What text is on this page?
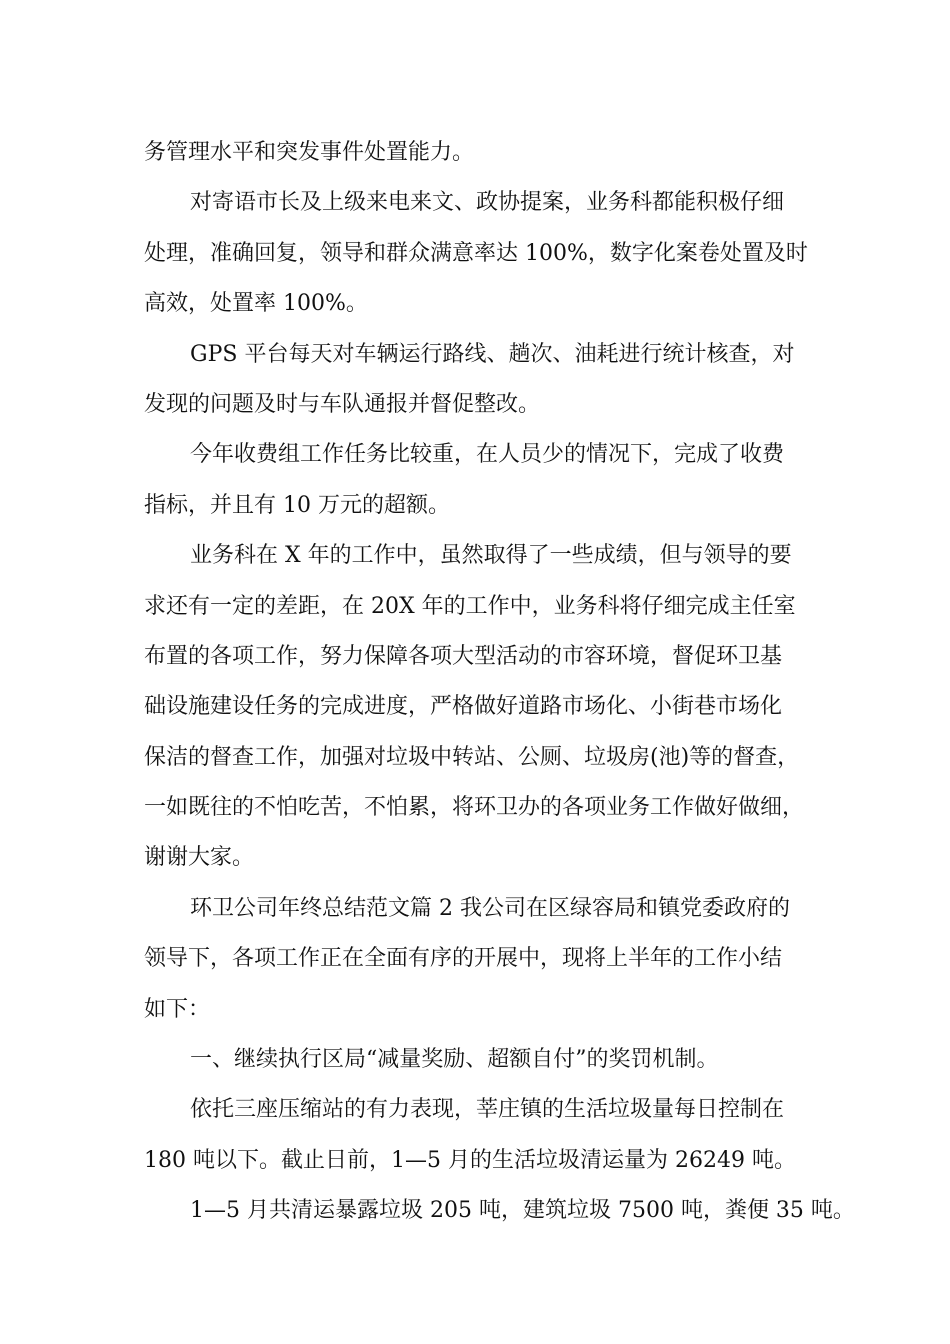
务管理水平和突发事件处置能力。
对寄语市长及上级来电来文、政协提案，业务科都能积极仔细
处理，准确回复，领导和群众满意率达 100%，数字化案卷处置及时
高效，处置率 100%。
GPS 平台每天对车辆运行路线、趟次、油耗进行统计核查，对
发现的问题及时与车队通报并督促整改。
今年收费组工作任务比较重，在人员少的情况下，完成了收费
指标，并且有 10 万元的超额。
业务科在 X 年的工作中，虽然取得了一些成绩，但与领导的要
求还有一定的差距，在 20X 年的工作中，业务科将仔细完成主任室
布置的各项工作，努力保障各项大型活动的市容环境，督促环卫基
础设施建设任务的完成进度，严格做好道路市场化、小街巷市场化
保洁的督查工作，加强对垃圾中转站、公厕、垃圾房(池)等的督查，
一如既往的不怕吃苦，不怕累，将环卫办的各项业务工作做好做细，
谢谢大家。
环卫公司年终总结范文篇 2 我公司在区绿容局和镇党委政府的
领导下，各项工作正在全面有序的开展中，现将上半年的工作小结
如下：
一、继续执行区局“减量奖励、超额自付”的奖罚机制。
依托三座压缩站的有力表现，莘庄镇的生活垃圾量每日控制在
180 吨以下。截止日前，1—5 月的生活垃圾清运量为 26249 吨。
1—5 月共清运暴露垃圾 205 吨，建筑垃圾 7500 吨，粪便 35 吨。
